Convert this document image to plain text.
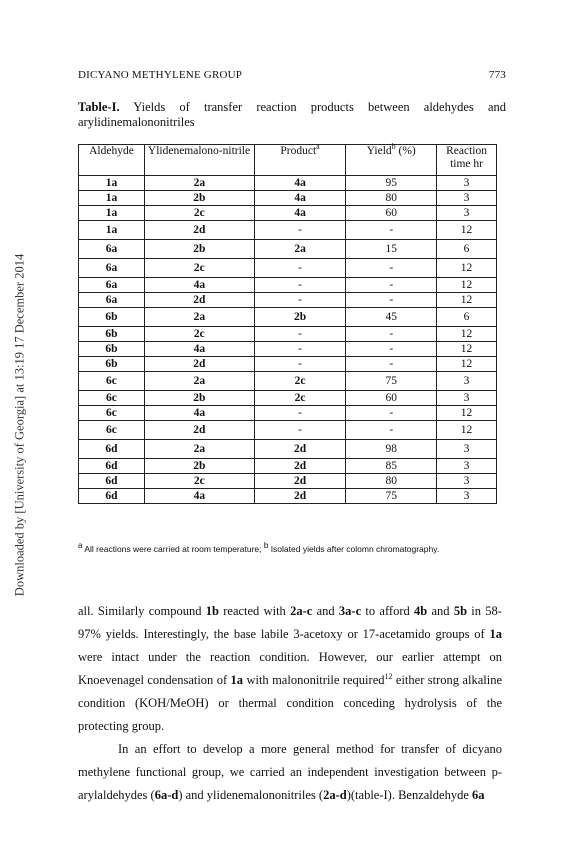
Downloaded by [University of Georgia] at 13:19 17 December 2014
DICYANO METHYLENE GROUP	773
Table-I. Yields of transfer reaction products between aldehydes and arylidinemalononitriles
Aldehyde	Ylidenemalono-nitrile	Product$^a$	Yield$^b$ (%)	Reaction time hr
1a	2a	4a	95	3
1a	2b	4a	80	3
1a	2c	4a	60	3
1a	2d	-	-	12
6a	2b	2a	15	6
6a	2c	-	-	12
6a	4a	-	-	12
6a	2d	-	-	12
6b	2a	2b	45	6
6b	2c	-	-	12
6b	4a	-	-	12
6b	2d	-	-	12
6c	2a	2c	75	3
6c	2b	2c	60	3
6c	4a	-	-	12
6c	2d	-	-	12
6d	2a	2d	98	3
6d	2b	2d	85	3
6d	2c	2d	80	3
6d	4a	2d	75	3
$^a$ All reactions were carried at room temperature; $^b$ Isolated yields after colomn chromatography.

all. Similarly compound 1b reacted with 2a-c and 3a-c to afford 4b and 5b in 58-97% yields. Interestingly, the base labile 3-acetoxy or 17-acetamido groups of 1a were intact under the reaction condition. However, our earlier attempt on Knoevenagel condensation of 1a with malononitrile required$^{12}$ either strong alkaline condition (KOH/MeOH) or thermal condition conceding hydrolysis of the protecting group.

In an effort to develop a more general method for transfer of dicyano methylene functional group, we carried an independent investigation between p-arylaldehydes (6a-d) and ylidenemalononitriles (2a-d)(table-I). Benzaldehyde 6a
